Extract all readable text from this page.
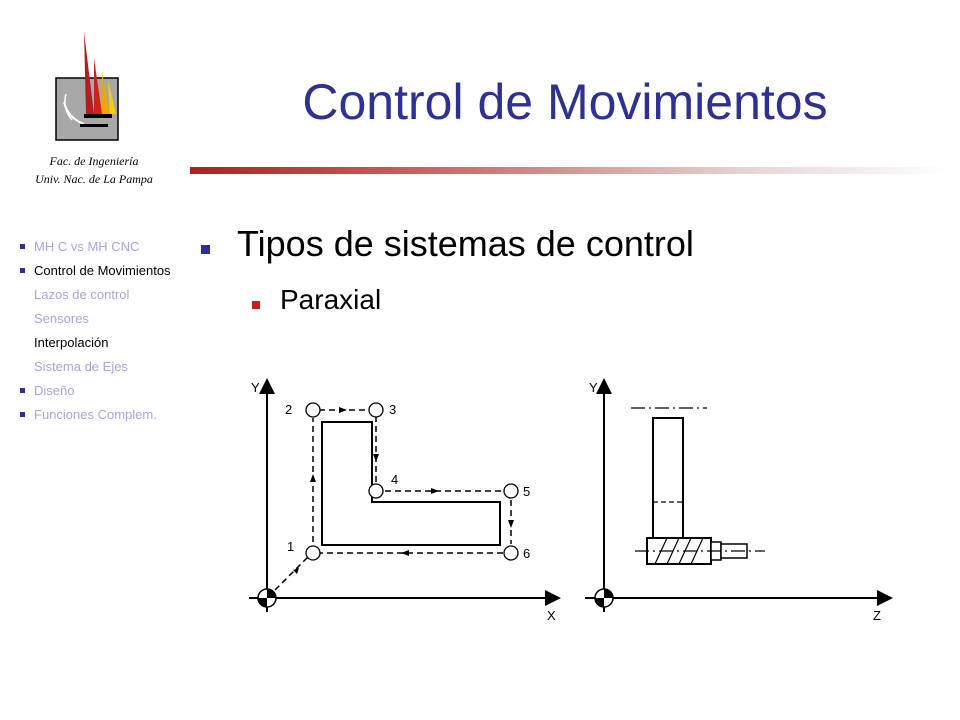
Fac. de Ingeniería
Univ. Nac. de La Pampa
Control de Movimientos
MH C vs MH CNC
Control de Movimientos
Lazos de control
Sensores
Interpolación
Sistema de Ejes
Diseño
Funciones Complem.
Tipos de sistemas de control
Paraxial
Y
X
1
2	3
4
5
6
Y
Z
